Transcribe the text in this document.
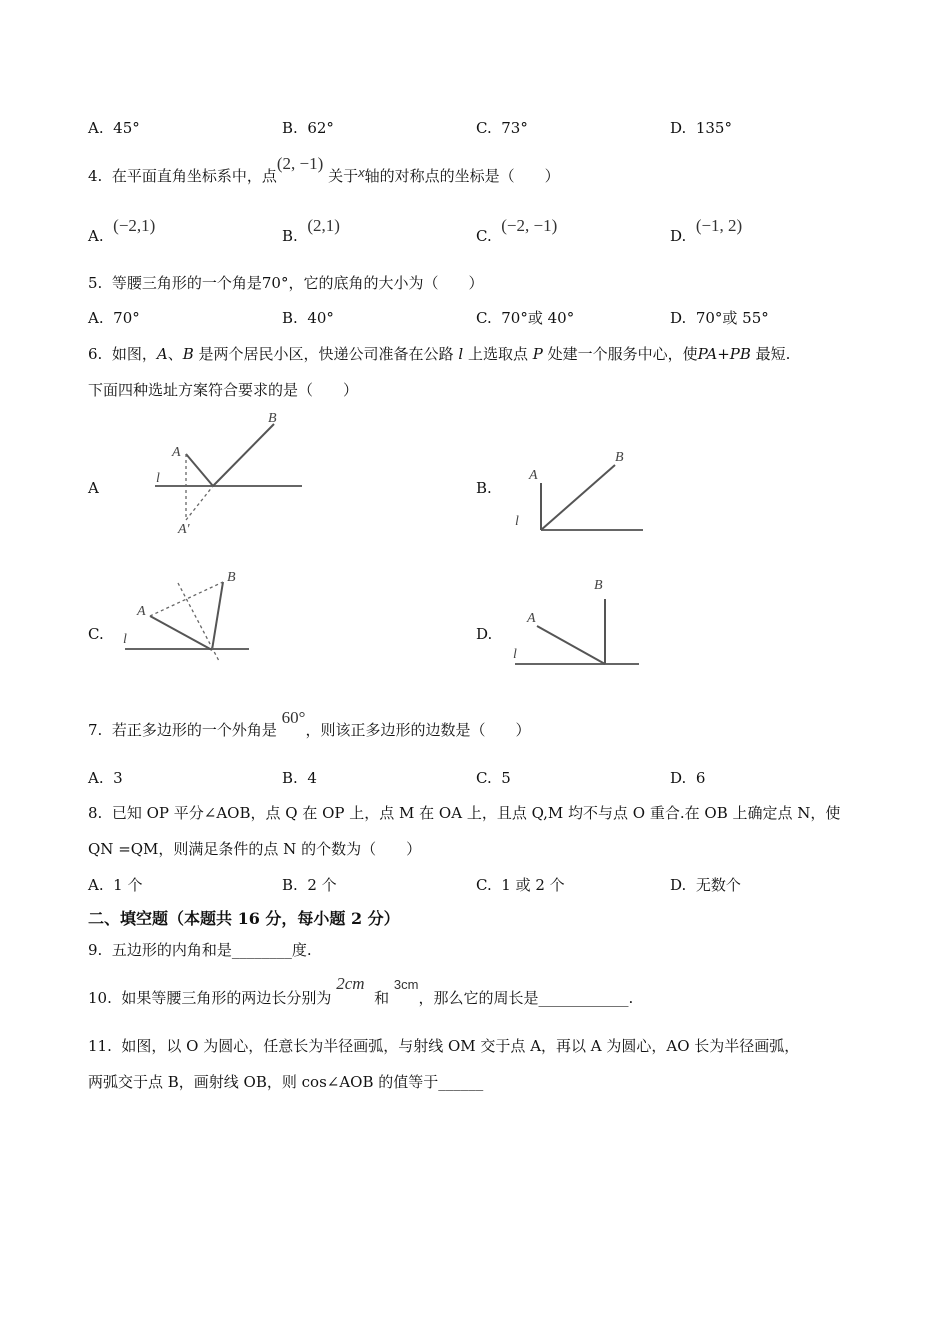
A. 45°	B. 62°	C. 73°	D. 135°
4. 在平面直角坐标系中，点(2, −1) 关于x轴的对称点的坐标是（　　）
A.  (−2,1)
B.  (2,1)
C.  (−2, −1)
D.  (−1, 2)
5. 等腰三角形的一个角是70°，它的底角的大小为（　　）
A. 70°	B. 40°	C. 70°或 40°	D. 70°或 55°
6. 如图，A、B 是两个居民小区，快递公司准备在公路 l 上选取点 P 处建一个服务中心，使PA+PB 最短.
下面四种选址方案符合要求的是（　　）
A	B.
C.	D.
A
B
l
A'
A
B
l
A
B
l
A
B
l
7. 若正多边形的一个外角是 60°，则该正多边形的边数是（　　）
A. 3	B. 4	C. 5	D. 6
8. 已知 OP 平分∠AOB，点 Q 在 OP 上，点 M 在 OA 上，且点 Q,M 均不与点 O 重合.在 OB 上确定点 N，使
QN =QM，则满足条件的点 N 的个数为（　　）
A. 1 个	B. 2 个	C. 1 或 2 个	D. 无数个
二、填空题（本题共 16 分，每小题 2 分）
9. 五边形的内角和是________度.
10. 如果等腰三角形的两边长分别为 2cm  和 3cm，那么它的周长是____________.
11. 如图，以 O 为圆心，任意长为半径画弧，与射线 OM 交于点 A，再以 A 为圆心，AO 长为半径画弧，
两弧交于点 B，画射线 OB，则 cos∠AOB 的值等于______
